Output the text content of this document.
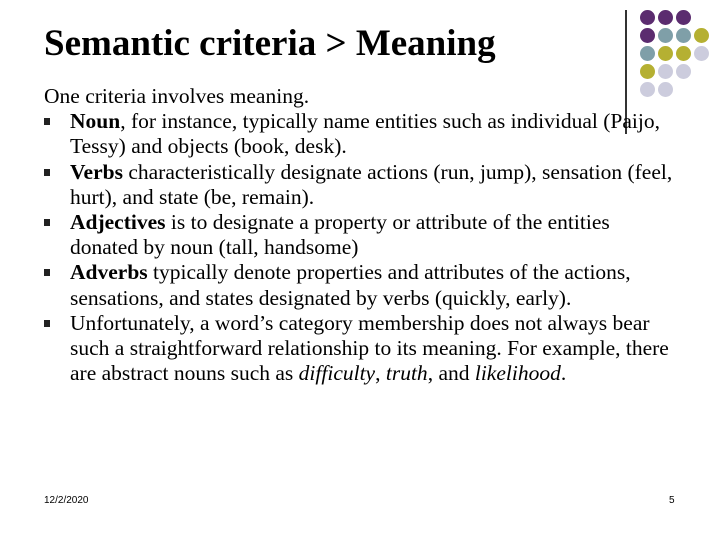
Semantic criteria > Meaning

One criteria involves meaning.

Noun, for instance, typically name entities such as individual (Paijo, Tessy) and objects (book, desk).
Verbs characteristically designate actions (run, jump), sensation (feel, hurt), and state (be, remain).
Adjectives is to designate a property or attribute of the entities donated by noun (tall, handsome)
Adverbs typically denote properties and attributes of the actions, sensations, and states designated by verbs (quickly, early).
Unfortunately, a word’s category membership does not always bear such a straightforward relationship to its meaning. For example, there are abstract nouns such as difficulty, truth, and likelihood.
12/2/2020	5
